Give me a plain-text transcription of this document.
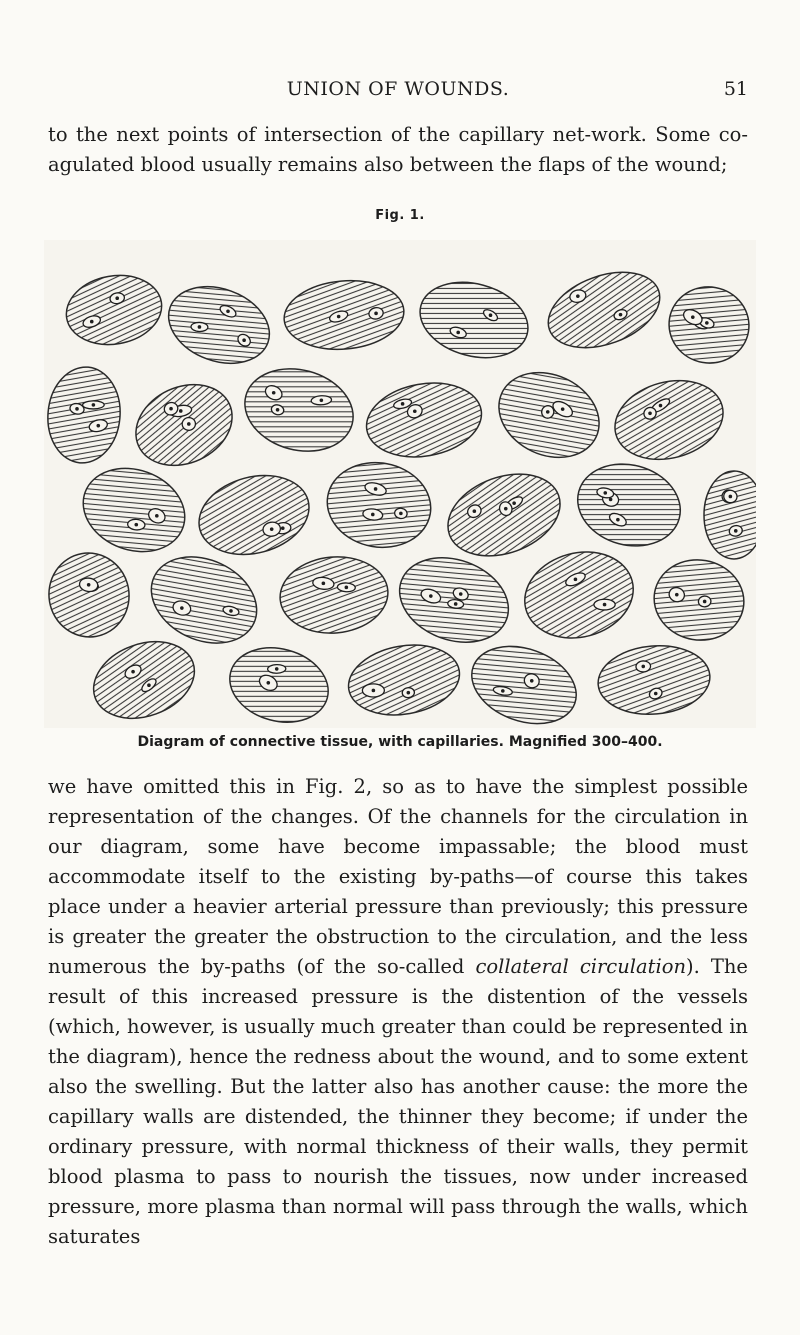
UNION OF WOUNDS.	51

to the next points of intersection of the capillary net-work. Some co-agulated blood usually remains also between the flaps of the wound;

Fig. 1.
Diagram of connective tissue, with capillaries. Magnified 300–400.

we have omitted this in Fig. 2, so as to have the simplest possible representation of the changes. Of the channels for the circulation in our diagram, some have become impassable; the blood must accommodate itself to the existing by-paths—of course this takes place under a heavier arterial pressure than previously; this pressure is greater the greater the obstruction to the circulation, and the less numerous the by-paths (of the so-called collateral circulation). The result of this increased pressure is the distention of the vessels (which, however, is usually much greater than could be represented in the diagram), hence the redness about the wound, and to some extent also the swelling. But the latter also has another cause: the more the capillary walls are distended, the thinner they become; if under the ordinary pressure, with normal thickness of their walls, they permit blood plasma to pass to nourish the tissues, now under increased pressure, more plasma than normal will pass through the walls, which saturates
